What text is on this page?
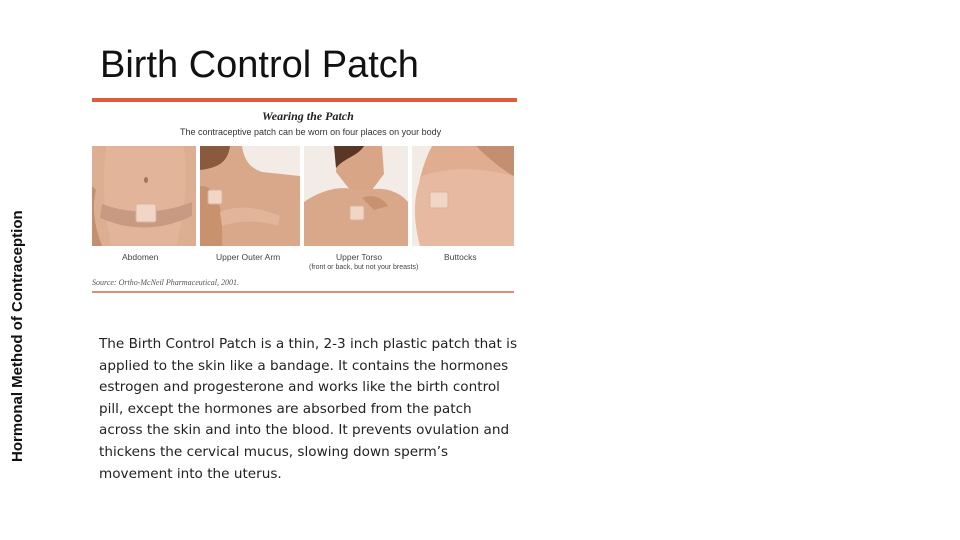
Hormonal Method of Contraception
Birth Control Patch
Wearing the Patch
The contraceptive patch can be worn on four places on your body
Abdomen	Upper Outer Arm	Upper Torso
(front or back, but not your breasts)
Buttocks
Source: Ortho-McNeil Pharmaceutical, 2001.
The Birth Control Patch is a thin, 2-3 inch plastic patch that is applied to the skin like a bandage. It contains the hormones estrogen and progesterone and works like the birth control pill, except the hormones are absorbed from the patch across the skin and into the blood. It prevents ovulation and thickens the cervical mucus, slowing down sperm’s movement into the uterus.
